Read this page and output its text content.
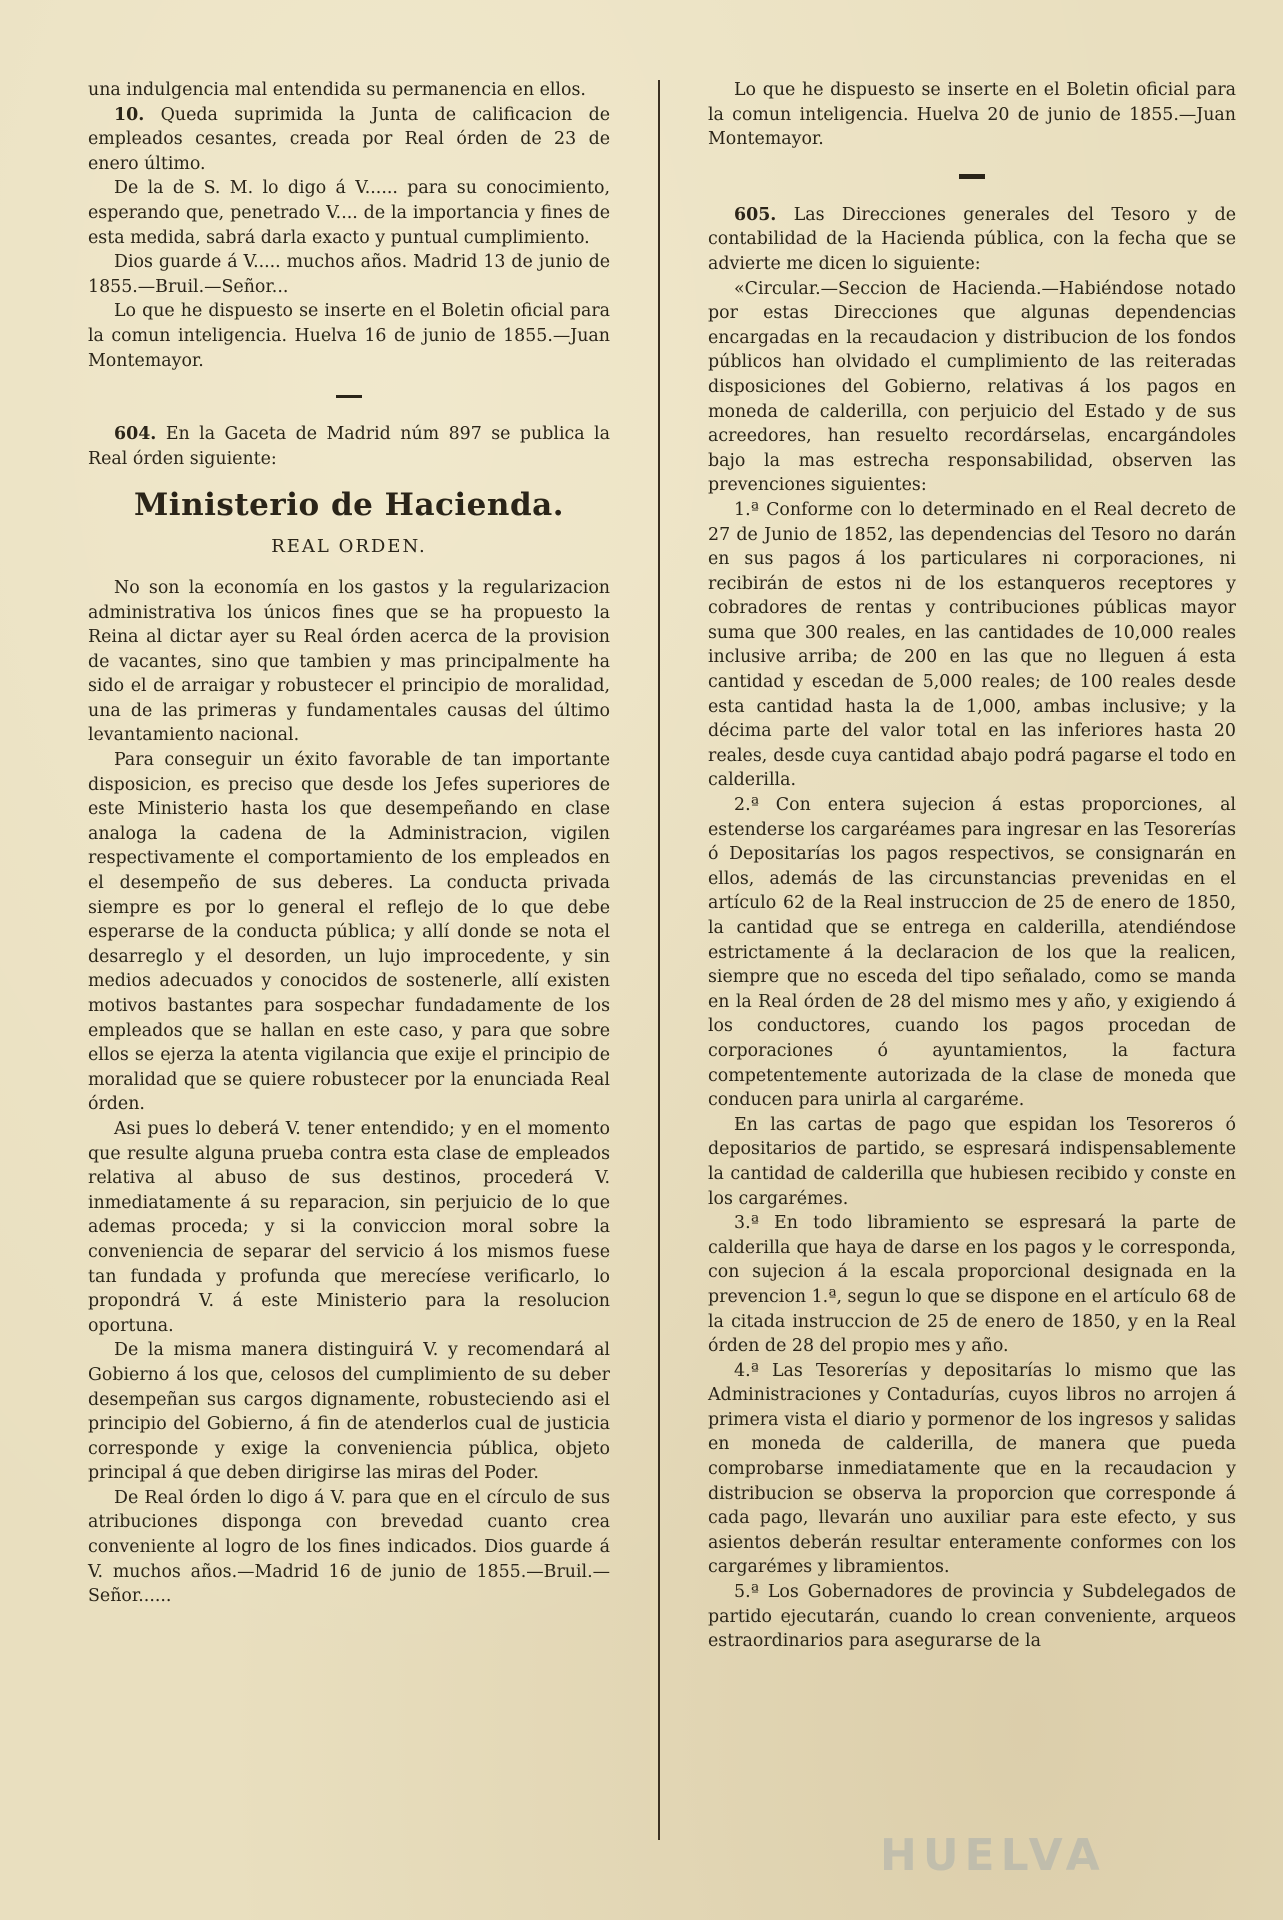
una indulgencia mal entendida su permanencia en ellos.

10. Queda suprimida la Junta de calificacion de empleados cesantes, creada por Real órden de 23 de enero último.

De la de S. M. lo digo á V...... para su conocimiento, esperando que, penetrado V.... de la importancia y fines de esta medida, sabrá darla exacto y puntual cumplimiento.

Dios guarde á V..... muchos años. Madrid 13 de junio de 1855.—Bruil.—Señor...

Lo que he dispuesto se inserte en el Boletin oficial para la comun inteligencia. Huelva 16 de junio de 1855.—Juan Montemayor.

604. En la Gaceta de Madrid núm 897 se publica la Real órden siguiente:

Ministerio de Hacienda.
REAL ORDEN.

No son la economía en los gastos y la regularizacion administrativa los únicos fines que se ha propuesto la Reina al dictar ayer su Real órden acerca de la provision de vacantes, sino que tambien y mas principalmente ha sido el de arraigar y robustecer el principio de moralidad, una de las primeras y fundamentales causas del último levantamiento nacional.

Para conseguir un éxito favorable de tan importante disposicion, es preciso que desde los Jefes superiores de este Ministerio hasta los que desempeñando en clase analoga la cadena de la Administracion, vigilen respectivamente el comportamiento de los empleados en el desempeño de sus deberes. La conducta privada siempre es por lo general el reflejo de lo que debe esperarse de la conducta pública; y allí donde se nota el desarreglo y el desorden, un lujo improcedente, y sin medios adecuados y conocidos de sostenerle, allí existen motivos bastantes para sospechar fundadamente de los empleados que se hallan en este caso, y para que sobre ellos se ejerza la atenta vigilancia que exije el principio de moralidad que se quiere robustecer por la enunciada Real órden.

Asi pues lo deberá V. tener entendido; y en el momento que resulte alguna prueba contra esta clase de empleados relativa al abuso de sus destinos, procederá V. inmediatamente á su reparacion, sin perjuicio de lo que ademas proceda; y si la conviccion moral sobre la conveniencia de separar del servicio á los mismos fuese tan fundada y profunda que merecíese verificarlo, lo propondrá V. á este Ministerio para la resolucion oportuna.

De la misma manera distinguirá V. y recomendará al Gobierno á los que, celosos del cumplimiento de su deber desempeñan sus cargos dignamente, robusteciendo asi el principio del Gobierno, á fin de atenderlos cual de justicia corresponde y exige la conveniencia pública, objeto principal á que deben dirigirse las miras del Poder.

De Real órden lo digo á V. para que en el círculo de sus atribuciones disponga con brevedad cuanto crea conveniente al logro de los fines indicados. Dios guarde á V. muchos años.—Madrid 16 de junio de 1855.—Bruil.—Señor......

Lo que he dispuesto se inserte en el Boletin oficial para la comun inteligencia. Huelva 20 de junio de 1855.—Juan Montemayor.

605. Las Direcciones generales del Tesoro y de contabilidad de la Hacienda pública, con la fecha que se advierte me dicen lo siguiente:

«Circular.—Seccion de Hacienda.—Habiéndose notado por estas Direcciones que algunas dependencias encargadas en la recaudacion y distribucion de los fondos públicos han olvidado el cumplimiento de las reiteradas disposiciones del Gobierno, relativas á los pagos en moneda de calderilla, con perjuicio del Estado y de sus acreedores, han resuelto recordárselas, encargándoles bajo la mas estrecha responsabilidad, observen las prevenciones siguientes:

1.ª Conforme con lo determinado en el Real decreto de 27 de Junio de 1852, las dependencias del Tesoro no darán en sus pagos á los particulares ni corporaciones, ni recibirán de estos ni de los estanqueros receptores y cobradores de rentas y contribuciones públicas mayor suma que 300 reales, en las cantidades de 10,000 reales inclusive arriba; de 200 en las que no lleguen á esta cantidad y escedan de 5,000 reales; de 100 reales desde esta cantidad hasta la de 1,000, ambas inclusive; y la décima parte del valor total en las inferiores hasta 20 reales, desde cuya cantidad abajo podrá pagarse el todo en calderilla.

2.ª Con entera sujecion á estas proporciones, al estenderse los cargaréames para ingresar en las Tesorerías ó Depositarías los pagos respectivos, se consignarán en ellos, además de las circunstancias prevenidas en el artículo 62 de la Real instruccion de 25 de enero de 1850, la cantidad que se entrega en calderilla, atendiéndose estrictamente á la declaracion de los que la realicen, siempre que no esceda del tipo señalado, como se manda en la Real órden de 28 del mismo mes y año, y exigiendo á los conductores, cuando los pagos procedan de corporaciones ó ayuntamientos, la factura competentemente autorizada de la clase de moneda que conducen para unirla al cargaréme.

En las cartas de pago que espidan los Tesoreros ó depositarios de partido, se espresará indispensablemente la cantidad de calderilla que hubiesen recibido y conste en los cargarémes.

3.ª En todo libramiento se espresará la parte de calderilla que haya de darse en los pagos y le corresponda, con sujecion á la escala proporcional designada en la prevencion 1.ª, segun lo que se dispone en el artículo 68 de la citada instruccion de 25 de enero de 1850, y en la Real órden de 28 del propio mes y año.

4.ª Las Tesorerías y depositarías lo mismo que las Administraciones y Contadurías, cuyos libros no arrojen á primera vista el diario y pormenor de los ingresos y salidas en moneda de calderilla, de manera que pueda comprobarse inmediatamente que en la recaudacion y distribucion se observa la proporcion que corresponde á cada pago, llevarán uno auxiliar para este efecto, y sus asientos deberán resultar enteramente conformes con los cargarémes y libramientos.

5.ª Los Gobernadores de provincia y Subdelegados de partido ejecutarán, cuando lo crean conveniente, arqueos estraordinarios para asegurarse de la

HUELVA
